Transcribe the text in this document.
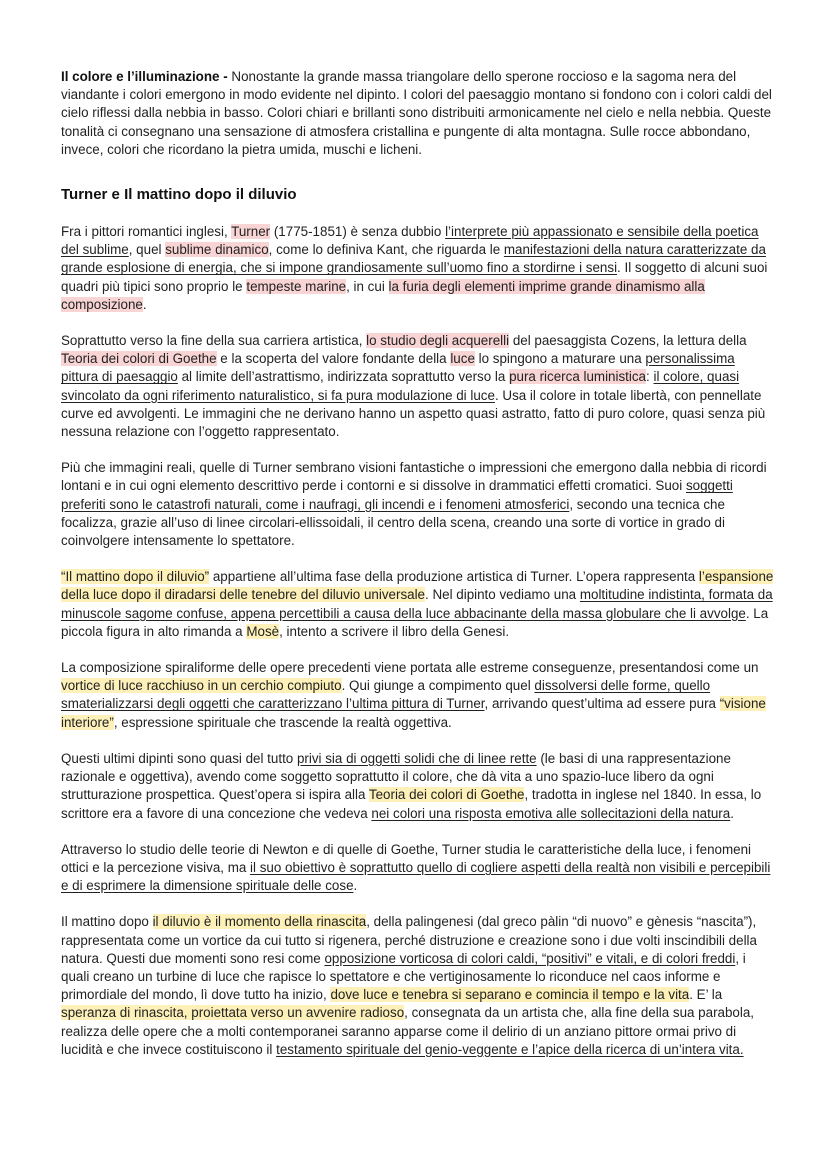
Il colore e l’illuminazione - Nonostante la grande massa triangolare dello sperone roccioso e la sagoma nera del viandante i colori emergono in modo evidente nel dipinto. I colori del paesaggio montano si fondono con i colori caldi del cielo riflessi dalla nebbia in basso. Colori chiari e brillanti sono distribuiti armonicamente nel cielo e nella nebbia. Queste tonalità ci consegnano una sensazione di atmosfera cristallina e pungente di alta montagna. Sulle rocce abbondano, invece, colori che ricordano la pietra umida, muschi e licheni.

Turner e Il mattino dopo il diluvio

Fra i pittori romantici inglesi, Turner (1775-1851) è senza dubbio l’interprete più appassionato e sensibile della poetica del sublime, quel sublime dinamico, come lo definiva Kant, che riguarda le manifestazioni della natura caratterizzate da grande esplosione di energia, che si impone grandiosamente sull’uomo fino a stordirne i sensi. Il soggetto di alcuni suoi quadri più tipici sono proprio le tempeste marine, in cui la furia degli elementi imprime grande dinamismo alla composizione.

Soprattutto verso la fine della sua carriera artistica, lo studio degli acquerelli del paesaggista Cozens, la lettura della Teoria dei colori di Goethe e la scoperta del valore fondante della luce lo spingono a maturare una personalissima pittura di paesaggio al limite dell’astrattismo, indirizzata soprattutto verso la pura ricerca luministica: il colore, quasi svincolato da ogni riferimento naturalistico, si fa pura modulazione di luce. Usa il colore in totale libertà, con pennellate curve ed avvolgenti. Le immagini che ne derivano hanno un aspetto quasi astratto, fatto di puro colore, quasi senza più nessuna relazione con l’oggetto rappresentato.

Più che immagini reali, quelle di Turner sembrano visioni fantastiche o impressioni che emergono dalla nebbia di ricordi lontani e in cui ogni elemento descrittivo perde i contorni e si dissolve in drammatici effetti cromatici. Suoi soggetti preferiti sono le catastrofi naturali, come i naufragi, gli incendi e i fenomeni atmosferici, secondo una tecnica che focalizza, grazie all’uso di linee circolari-ellissoidali, il centro della scena, creando una sorte di vortice in grado di coinvolgere intensamente lo spettatore.

“Il mattino dopo il diluvio” appartiene all’ultima fase della produzione artistica di Turner. L’opera rappresenta l’espansione della luce dopo il diradarsi delle tenebre del diluvio universale. Nel dipinto vediamo una moltitudine indistinta, formata da minuscole sagome confuse, appena percettibili a causa della luce abbacinante della massa globulare che li avvolge. La piccola figura in alto rimanda a Mosè, intento a scrivere il libro della Genesi.

La composizione spiraliforme delle opere precedenti viene portata alle estreme conseguenze, presentandosi come un vortice di luce racchiuso in un cerchio compiuto. Qui giunge a compimento quel dissolversi delle forme, quello smaterializzarsi degli oggetti che caratterizzano l’ultima pittura di Turner, arrivando quest’ultima ad essere pura “visione interiore”, espressione spirituale che trascende la realtà oggettiva.

Questi ultimi dipinti sono quasi del tutto privi sia di oggetti solidi che di linee rette (le basi di una rappresentazione razionale e oggettiva), avendo come soggetto soprattutto il colore, che dà vita a uno spazio-luce libero da ogni strutturazione prospettica. Quest’opera si ispira alla Teoria dei colori di Goethe, tradotta in inglese nel 1840. In essa, lo scrittore era a favore di una concezione che vedeva nei colori una risposta emotiva alle sollecitazioni della natura.

Attraverso lo studio delle teorie di Newton e di quelle di Goethe, Turner studia le caratteristiche della luce, i fenomeni ottici e la percezione visiva, ma il suo obiettivo è soprattutto quello di cogliere aspetti della realtà non visibili e percepibili e di esprimere la dimensione spirituale delle cose.

Il mattino dopo il diluvio è il momento della rinascita, della palingenesi (dal greco pàlin “di nuovo” e gènesis “nascita”), rappresentata come un vortice da cui tutto si rigenera, perché distruzione e creazione sono i due volti inscindibili della natura. Questi due momenti sono resi come opposizione vorticosa di colori caldi, “positivi” e vitali, e di colori freddi, i quali creano un turbine di luce che rapisce lo spettatore e che vertiginosamente lo riconduce nel caos informe e primordiale del mondo, lì dove tutto ha inizio, dove luce e tenebra si separano e comincia il tempo e la vita. E’ la speranza di rinascita, proiettata verso un avvenire radioso, consegnata da un artista che, alla fine della sua parabola, realizza delle opere che a molti contemporanei saranno apparse come il delirio di un anziano pittore ormai privo di lucidità e che invece costituiscono il testamento spirituale del genio-veggente e l’apice della ricerca di un’intera vita.
